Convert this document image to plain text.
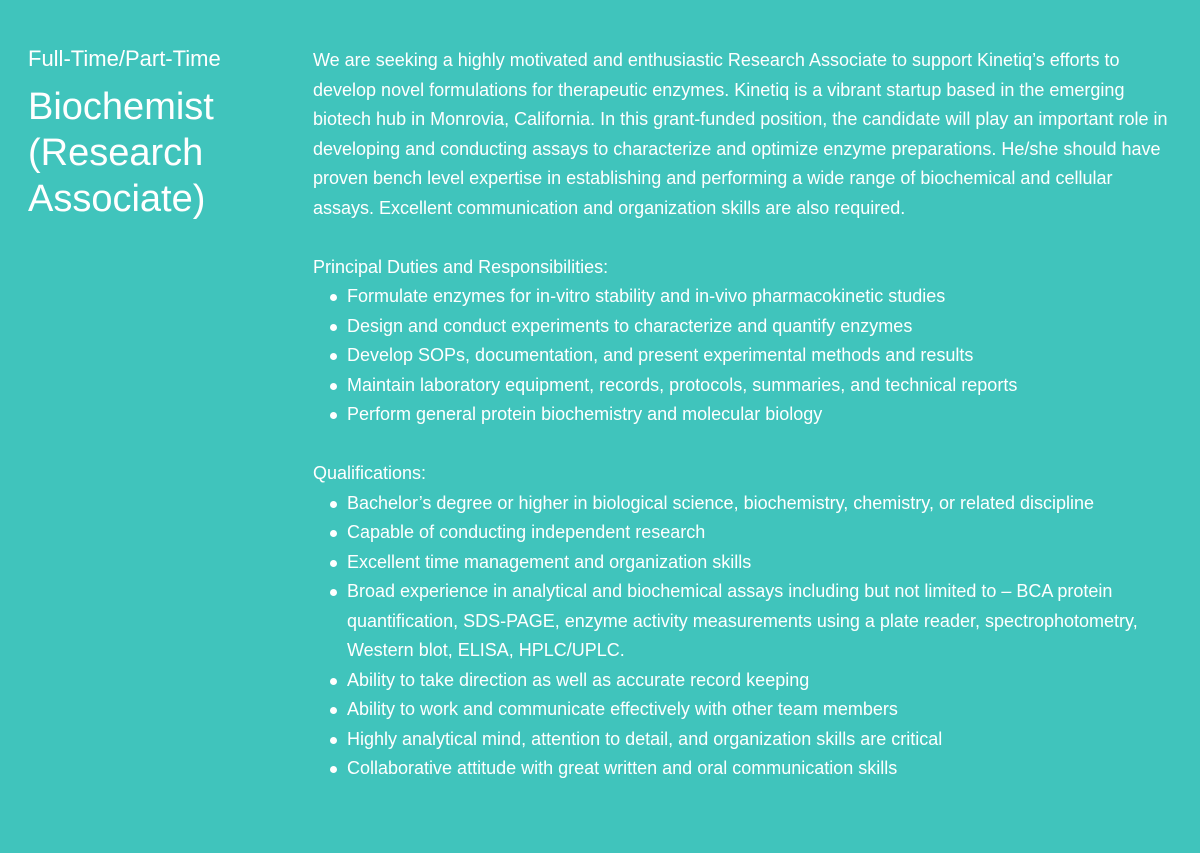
Full-Time/Part-Time
Biochemist (Research Associate)

We are seeking a highly motivated and enthusiastic Research Associate to support Kinetiq’s efforts to develop novel formulations for therapeutic enzymes. Kinetiq is a vibrant startup based in the emerging biotech hub in Monrovia, California. In this grant-funded position, the candidate will play an important role in developing and conducting assays to characterize and optimize enzyme preparations. He/she should have proven bench level expertise in establishing and performing a wide range of biochemical and cellular assays. Excellent communication and organization skills are also required.

Principal Duties and Responsibilities:
Formulate enzymes for in-vitro stability and in-vivo pharmacokinetic studies
Design and conduct experiments to characterize and quantify enzymes
Develop SOPs, documentation, and present experimental methods and results
Maintain laboratory equipment, records, protocols, summaries, and technical reports
Perform general protein biochemistry and molecular biology
Qualifications:
Bachelor’s degree or higher in biological science, biochemistry, chemistry, or related discipline
Capable of conducting independent research
Excellent time management and organization skills
Broad experience in analytical and biochemical assays including but not limited to – BCA protein quantification, SDS-PAGE, enzyme activity measurements using a plate reader, spectrophotometry, Western blot, ELISA, HPLC/UPLC.
Ability to take direction as well as accurate record keeping
Ability to work and communicate effectively with other team members
Highly analytical mind, attention to detail, and organization skills are critical
Collaborative attitude with great written and oral communication skills
